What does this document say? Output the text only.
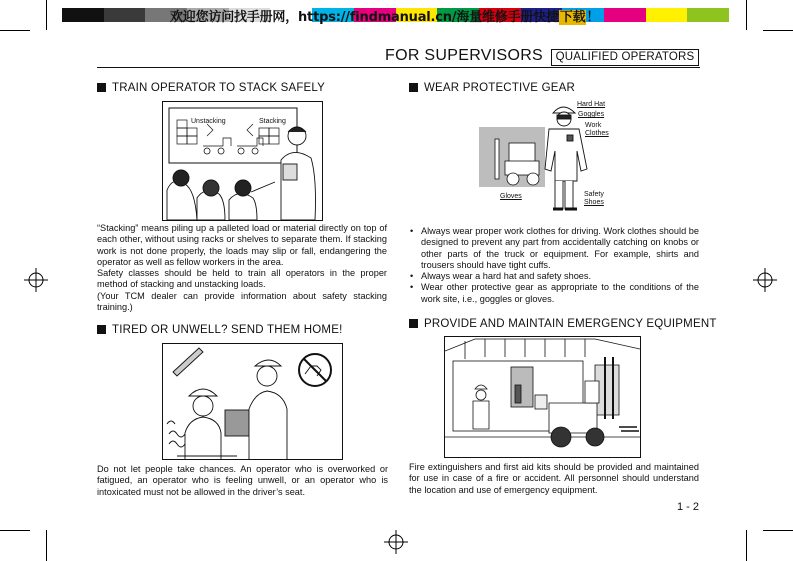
欢迎您访问找手册网，https://findmanual.cn/海量维修手册快捷下载！
FOR SUPERVISORS	QUALIFIED OPERATORS
TRAIN OPERATOR TO STACK SAFELY
Unstacking	Stacking

“Stacking” means piling up a palleted load or material directly on top of each other, without using racks or shelves to separate them. If stacking work is not done properly, the loads may slip or fall, endangering the operator as well as fellow workers in the area.

Safety classes should be held to train all operators in the proper method of stacking and unstacking loads.

(Your TCM dealer can provide information about safety stacking training.)

TIRED OR UNWELL? SEND THEM HOME!
Do not let people take chances. An operator who is overworked or fatigued, an operator who is feeling unwell, or an operator who is intoxicated must not be allowed in the driver’s seat.
WEAR PROTECTIVE GEAR
Hard Hat
Goggles
Work
Clothes
Gloves	Safety
Shoes
• Always wear proper work clothes for driving. Work clothes should be designed to prevent any part from accidentally catching on knobs or other parts of the truck or equipment. For example, shirts and trousers should have tight cuffs.
• Always wear a hard hat and safety shoes.
• Wear other protective gear as appropriate to the conditions of the work site, i.e., goggles or gloves.
PROVIDE AND MAINTAIN EMERGENCY EQUIPMENT
Fire extinguishers and first aid kits should be provided and maintained for use in case of a fire or accident. All personnel should understand the location and use of emergency equipment.
1 - 2
